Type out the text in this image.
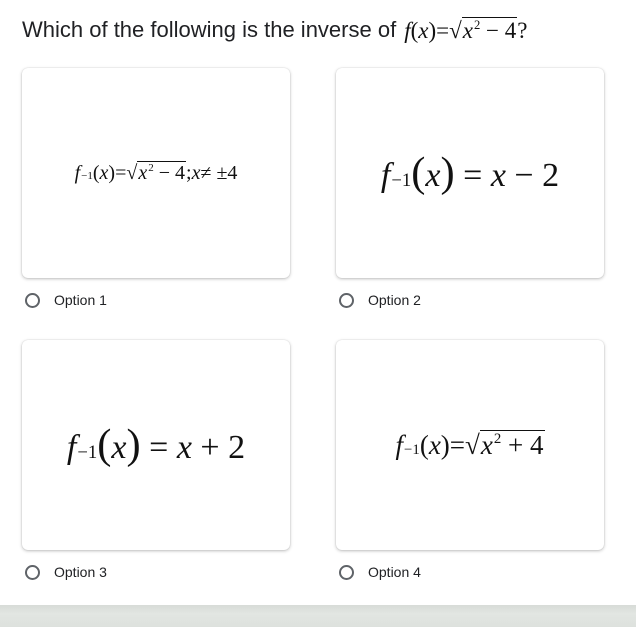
Which of the following is the inverse of f ( x ) = √ $x^2 - 4$ ?
f −1 ( x ) = √ $x^2 - 4$ ; x ≠ ±4	f −1 ( x ) = x − 2
Option 1	Option 2
f −1 ( x ) = x + 2	f −1 ( x ) = √ $x^2 + 4$
Option 3	Option 4
